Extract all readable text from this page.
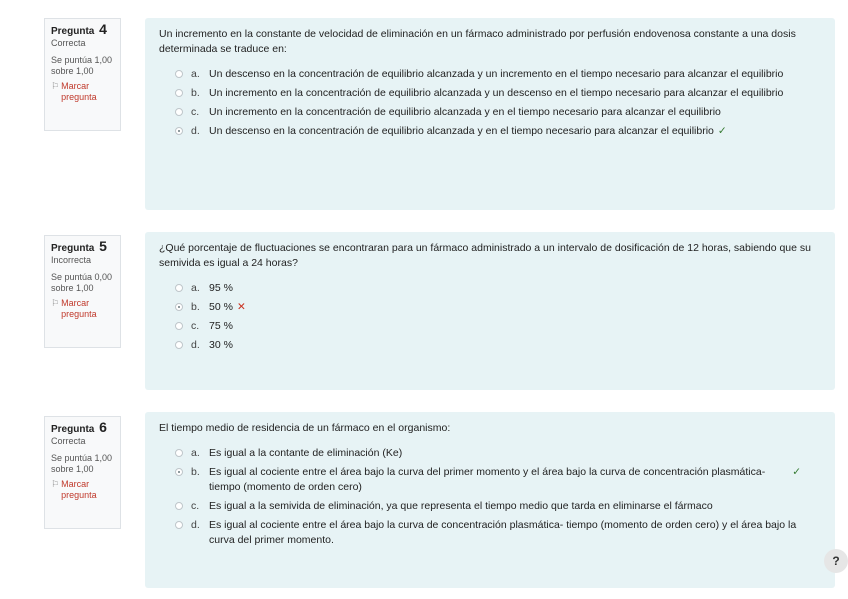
Pregunta 4
Correcta
Se puntúa 1,00 sobre 1,00
⚐ Marcar pregunta
Un incremento en la constante de velocidad de eliminación en un fármaco administrado por perfusión endovenosa constante a una dosis determinada se traduce en:
a. Un descenso en la concentración de equilibrio alcanzada y un incremento en el tiempo necesario para alcanzar el equilibrio
b. Un incremento en la concentración de equilibrio alcanzada y un descenso en el tiempo necesario para alcanzar el equilibrio
c. Un incremento en la concentración de equilibrio alcanzada y en el tiempo necesario para alcanzar el equilibrio
d. Un descenso en la concentración de equilibrio alcanzada y en el tiempo necesario para alcanzar el equilibrio ✓
Pregunta 5
Incorrecta
Se puntúa 0,00 sobre 1,00
⚐ Marcar pregunta
¿Qué porcentaje de fluctuaciones se encontraran para un fármaco administrado a un intervalo de dosificación de 12 horas, sabiendo que su semivida es igual a 24 horas?
a. 95 %
b. 50 % ✕
c. 75 %
d. 30 %
Pregunta 6
Correcta
Se puntúa 1,00 sobre 1,00
⚐ Marcar pregunta
El tiempo medio de residencia de un fármaco en el organismo:
a. Es igual a la contante de eliminación (Ke)
b. Es igual al cociente entre el área bajo la curva del primer momento y el área bajo la curva de concentración plasmática- tiempo (momento de orden cero)
✓
c. Es igual a la semivida de eliminación, ya que representa el tiempo medio que tarda en eliminarse el fármaco
d. Es igual al cociente entre el área bajo la curva de concentración plasmática- tiempo (momento de orden cero) y el área bajo la curva del primer momento.
?
